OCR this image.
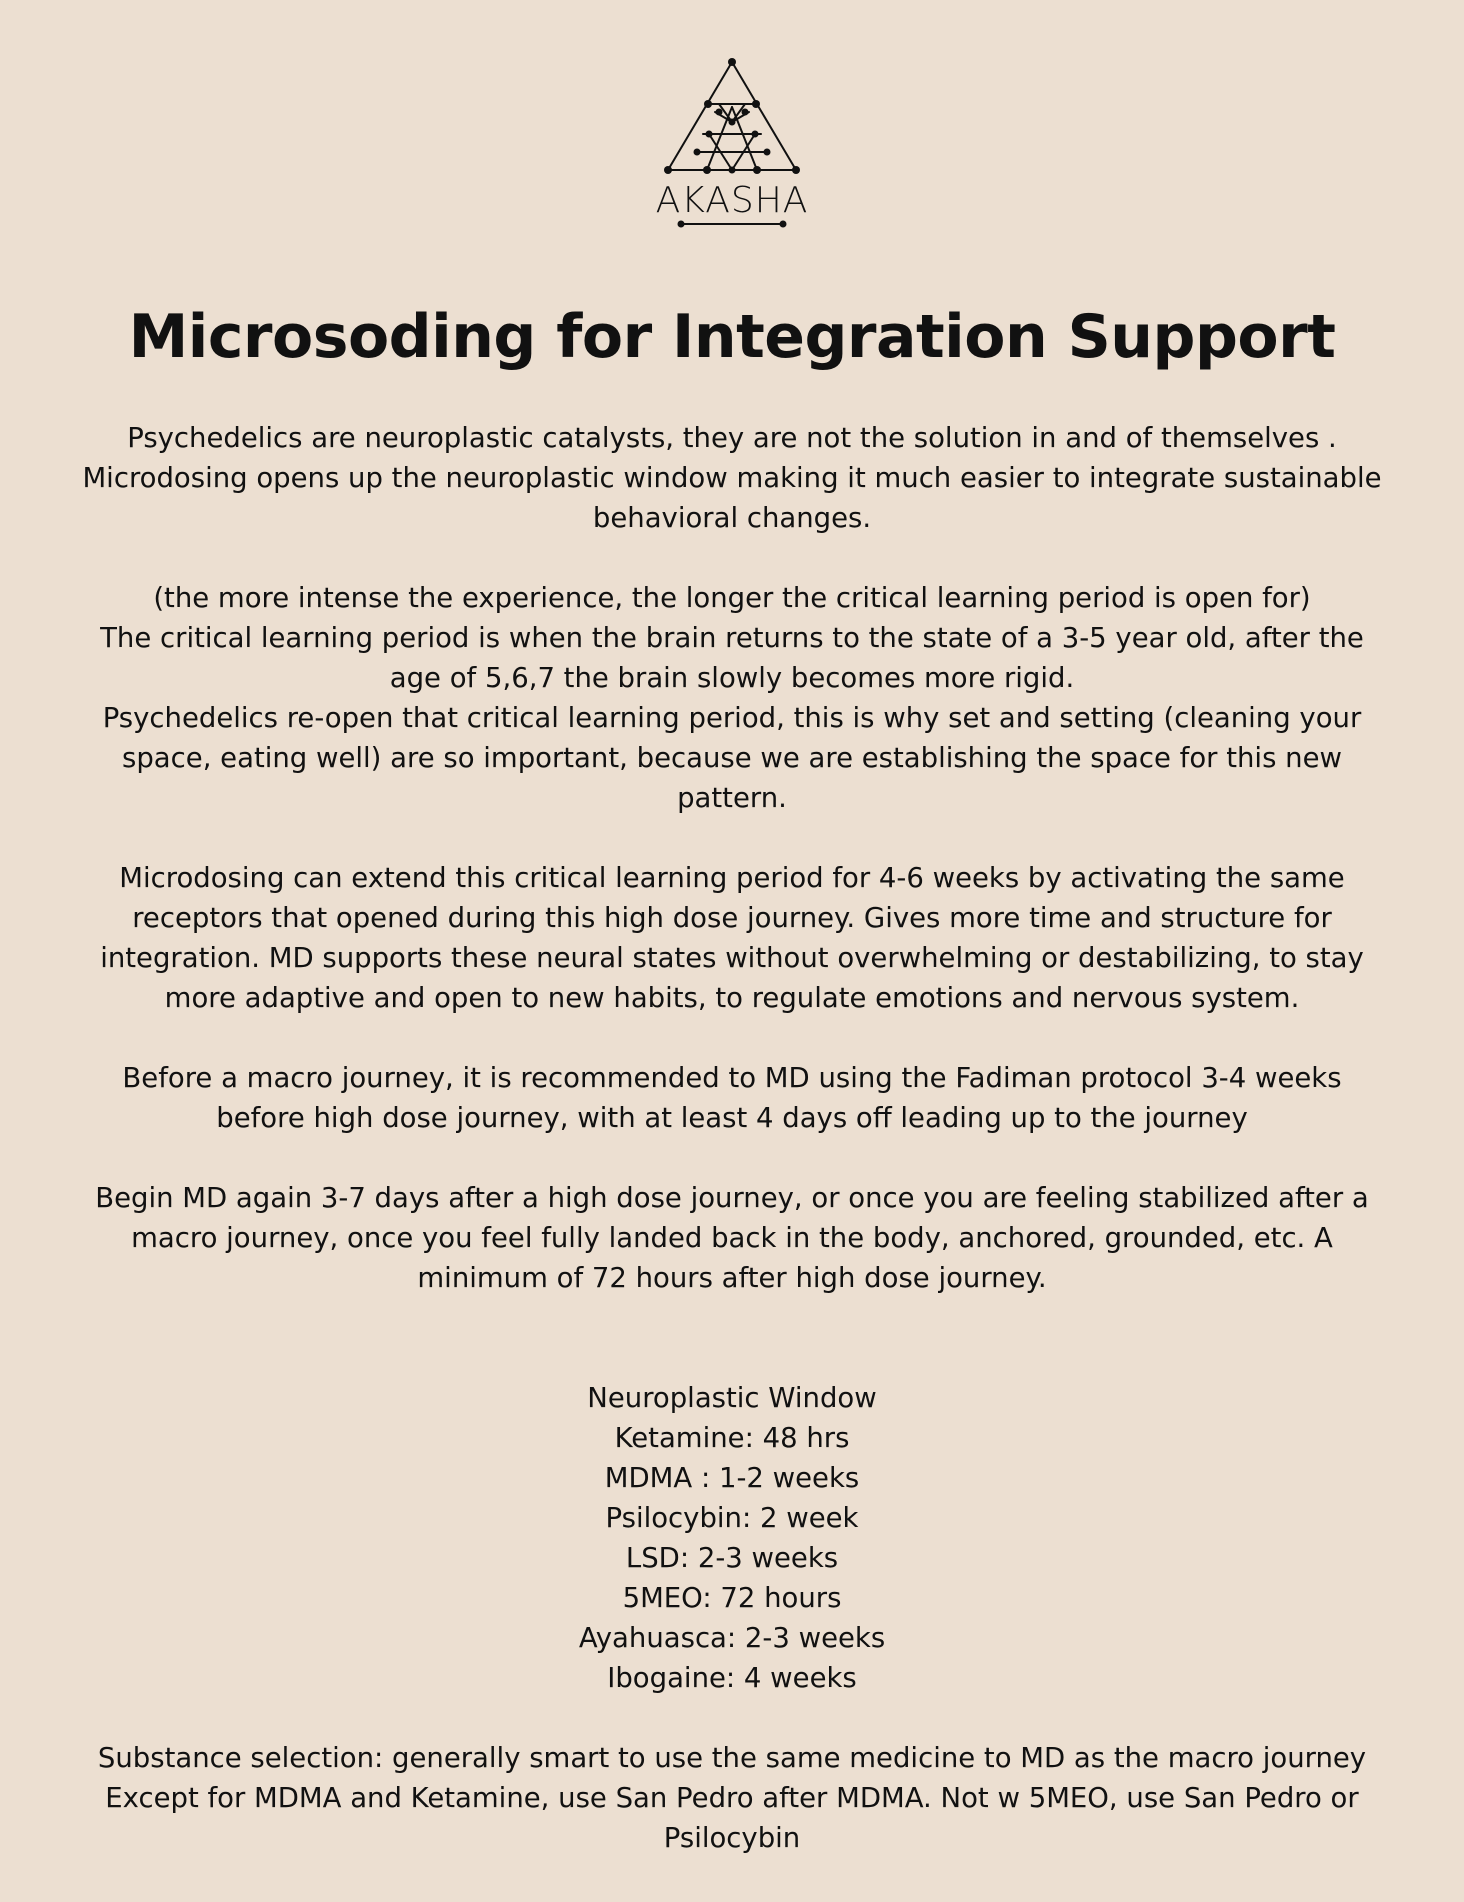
AKASHA
Microsoding for Integration Support

Psychedelics are neuroplastic catalysts, they are not the solution in and of themselves . Microdosing opens up the neuroplastic window making it much easier to integrate sustainable behavioral changes.

(the more intense the experience, the longer the critical learning period is open for)

The critical learning period is when the brain returns to the state of a 3-5 year old, after the age of 5,6,7 the brain slowly becomes more rigid.

Psychedelics re-open that critical learning period, this is why set and setting (cleaning your space, eating well) are so important, because we are establishing the space for this new pattern.

Microdosing can extend this critical learning period for 4-6 weeks by activating the same receptors that opened during this high dose journey. Gives more time and structure for integration. MD supports these neural states without overwhelming or destabilizing, to stay more adaptive and open to new habits, to regulate emotions and nervous system.

Before a macro journey, it is recommended to MD using the Fadiman protocol 3-4 weeks before high dose journey, with at least 4 days off leading up to the journey

Begin MD again 3-7 days after a high dose journey, or once you are feeling stabilized after a macro journey, once you feel fully landed back in the body, anchored, grounded, etc. A minimum of 72 hours after high dose journey.

Neuroplastic Window

Ketamine: 48 hrs

MDMA : 1-2 weeks

Psilocybin: 2 week

LSD: 2-3 weeks

5MEO: 72 hours

Ayahuasca: 2-3 weeks

Ibogaine: 4 weeks

Substance selection: generally smart to use the same medicine to MD as the macro journey

Except for MDMA and Ketamine, use San Pedro after MDMA. Not w 5MEO, use San Pedro or Psilocybin
